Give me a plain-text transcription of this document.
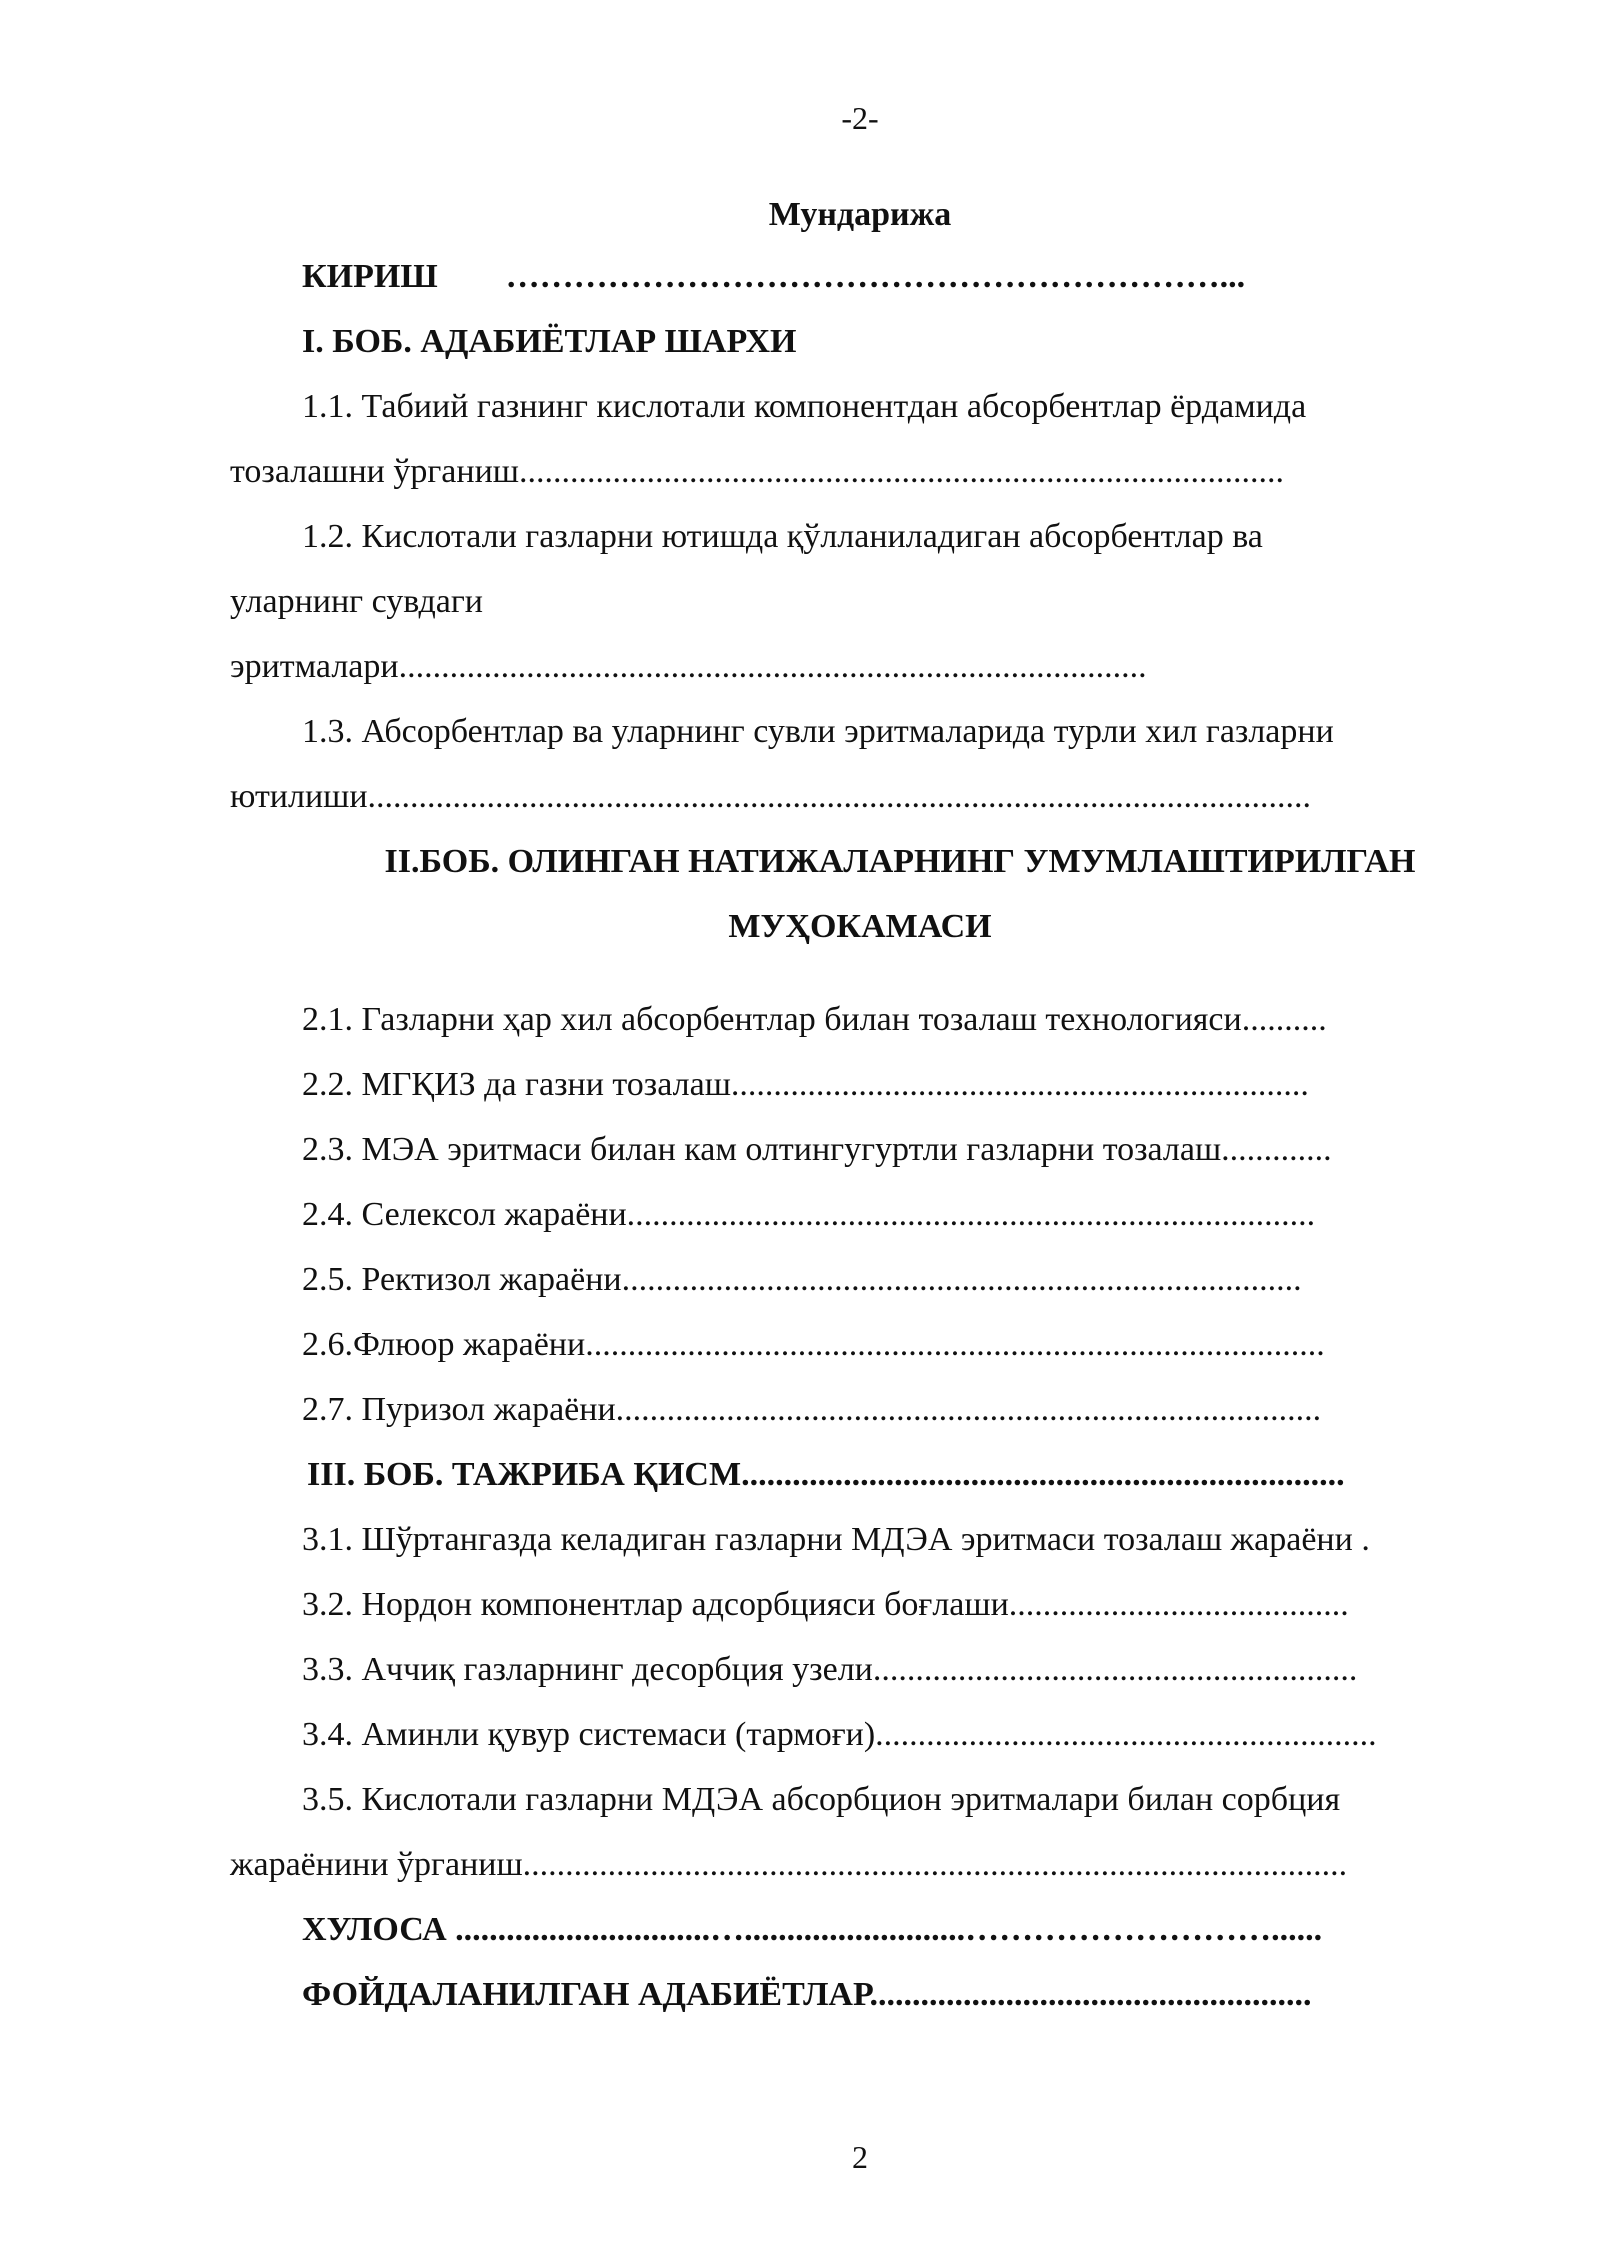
-2-
Мундарижа
КИРИШ        ………………………………………………………...
I. БОБ. АДАБИЁТЛАР ШАРХИ
1.1. Табиий газнинг кислотали компонентдан абсорбентлар ёрдамида
тозалашни ўрганиш..........................................................................................
1.2. Кислотали газларни ютишда қўлланиладиган абсорбентлар ва
уларнинг сувдаги
эритмалари........................................................................................
1.3. Абсорбентлар ва уларнинг сувли эритмаларида турли хил газларни
ютилиши...............................................................................................................
II.БОБ. ОЛИНГАН НАТИЖАЛАРНИНГ УМУМЛАШТИРИЛГАН
МУҲОКАМАСИ
2.1. Газларни ҳар хил абсорбентлар билан тозалаш технологияси..........
2.2. МГҚИЗ да газни тозалаш....................................................................
2.3. МЭА эритмаси билан кам олтингугуртли газларни тозалаш.............
2.4. Селексол жараёни.................................................................................
2.5. Ректизол жараёни................................................................................
2.6.Флюор жараёни.......................................................................................
2.7. Пуризол жараёни...................................................................................
III. БОБ. ТАЖРИБА ҚИСМ.......................................................................
3.1. Шўртангазда келадиган газларни МДЭА эритмаси тозалаш жараёни .
3.2. Нордон компонентлар адсорбцияси боғлаши........................................
3.3. Аччиқ газларнинг десорбция узели.........................................................
3.4. Аминли қувур системаси (тармоғи)...........................................................
3.5. Кислотали газларни МДЭА абсорбцион эритмалари билан сорбция
жараёнини ўрганиш.................................................................................................
ХУЛОСА ..............................…..........................………………………......
ФОЙДАЛАНИЛГАН АДАБИЁТЛАР....................................................
2
